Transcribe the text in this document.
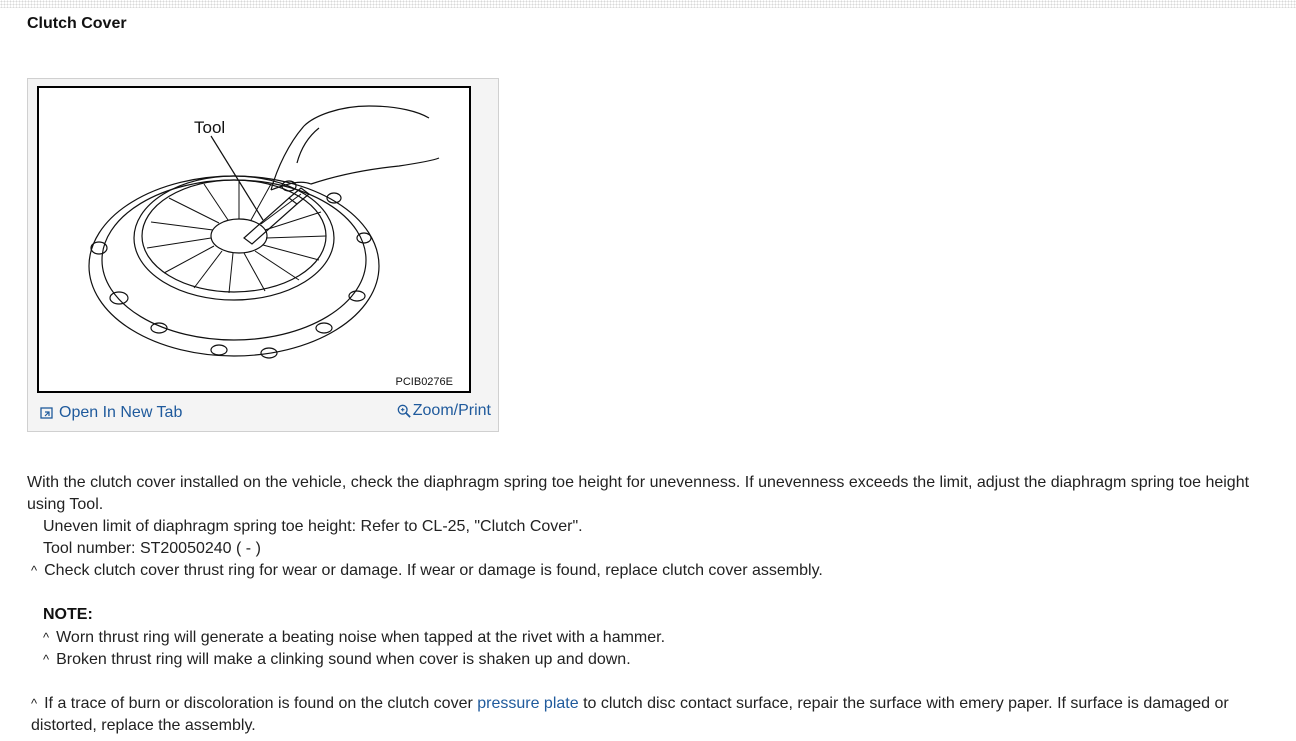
Clutch Cover
Tool
PCIB0276E
Open In New Tab	Zoom/Print
With the clutch cover installed on the vehicle, check the diaphragm spring toe height for unevenness. If unevenness exceeds the limit, adjust the diaphragm spring toe height using Tool.
Uneven limit of diaphragm spring toe height: Refer to CL-25, "Clutch Cover".
Tool number: ST20050240 ( - )
^ Check clutch cover thrust ring for wear or damage. If wear or damage is found, replace clutch cover assembly.
NOTE:
^ Worn thrust ring will generate a beating noise when tapped at the rivet with a hammer.
^ Broken thrust ring will make a clinking sound when cover is shaken up and down.
^ If a trace of burn or discoloration is found on the clutch cover pressure plate to clutch disc contact surface, repair the surface with emery paper. If surface is damaged or distorted, replace the assembly.
